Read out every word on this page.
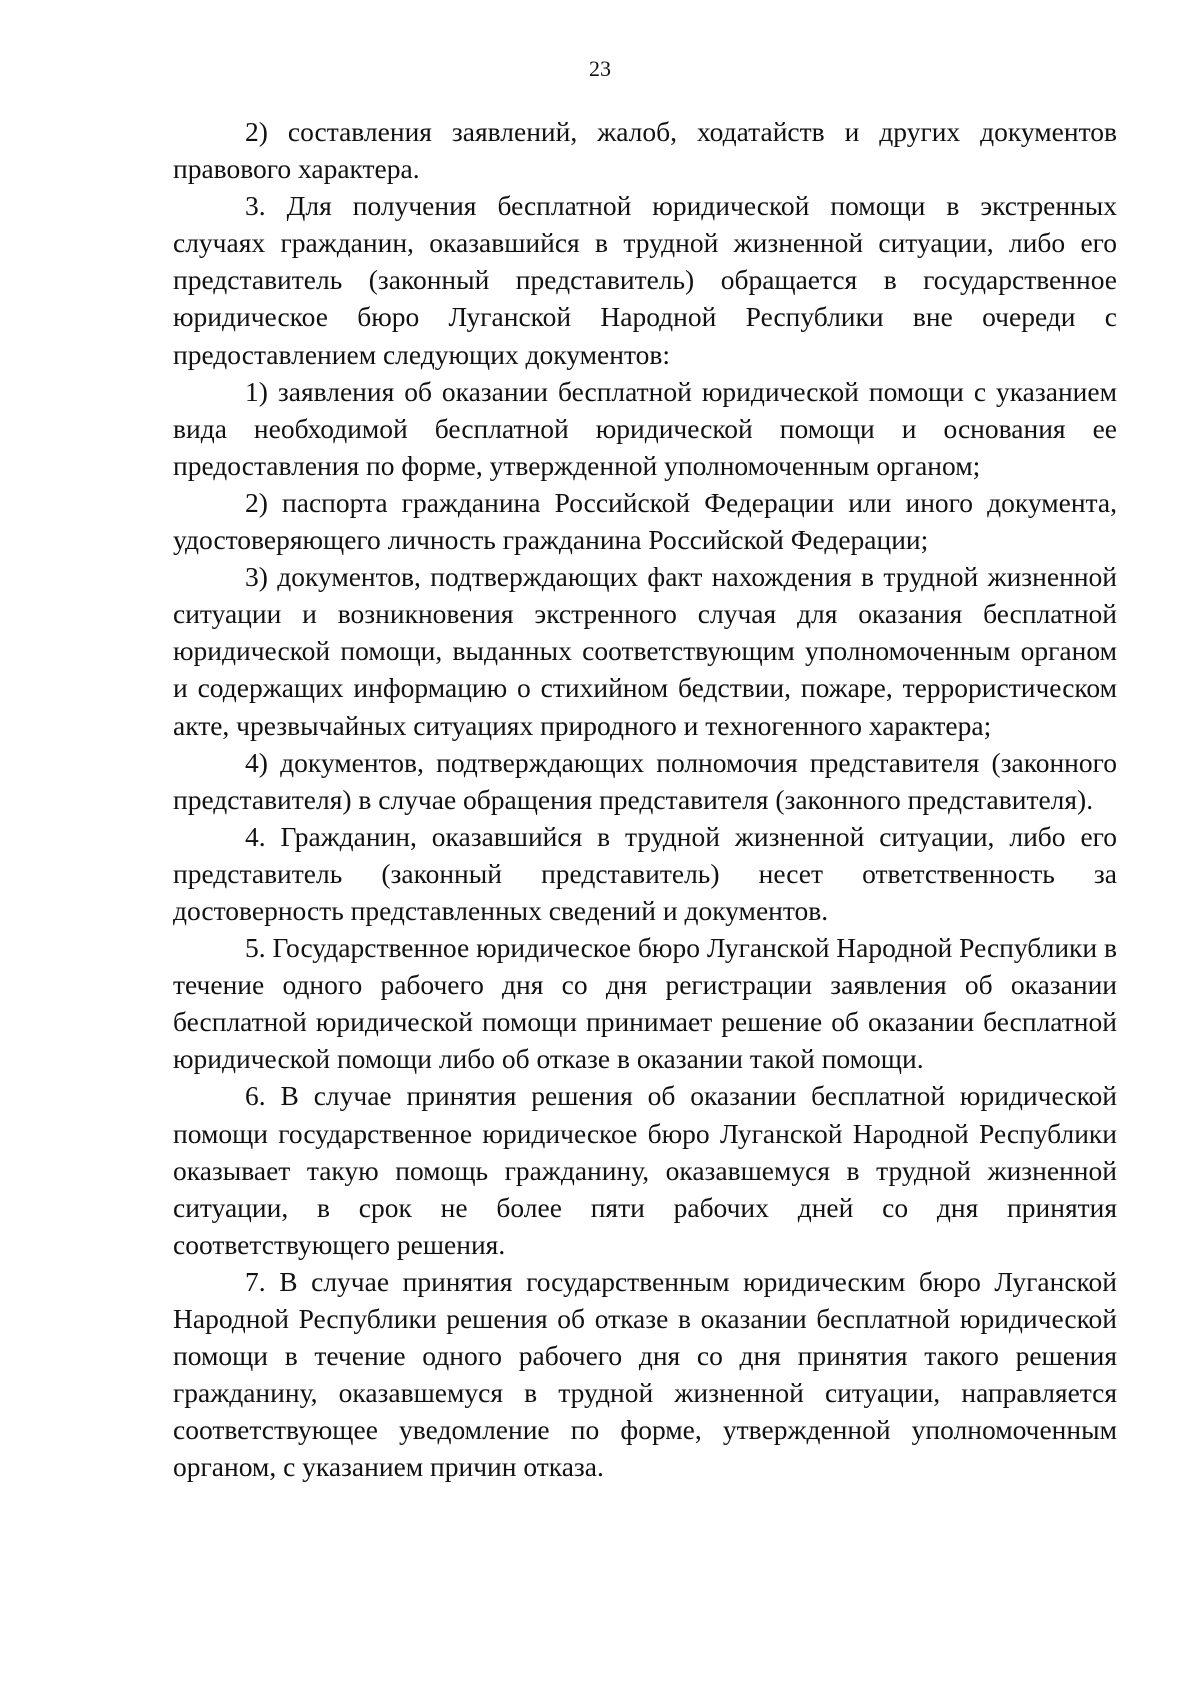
23

2) составления заявлений, жалоб, ходатайств и других документов правового характера.

3. Для получения бесплатной юридической помощи в экстренных случаях гражданин, оказавшийся в трудной жизненной ситуации, либо его представитель (законный представитель) обращается в государственное юридическое бюро Луганской Народной Республики вне очереди с предоставлением следующих документов:

1) заявления об оказании бесплатной юридической помощи с указанием вида необходимой бесплатной юридической помощи и основания ее предоставления по форме, утвержденной уполномоченным органом;

2) паспорта гражданина Российской Федерации или иного документа, удостоверяющего личность гражданина Российской Федерации;

3) документов, подтверждающих факт нахождения в трудной жизненной ситуации и возникновения экстренного случая для оказания бесплатной юридической помощи, выданных соответствующим уполномоченным органом и содержащих информацию о стихийном бедствии, пожаре, террористическом акте, чрезвычайных ситуациях природного и техногенного характера;

4) документов, подтверждающих полномочия представителя (законного представителя) в случае обращения представителя (законного представителя).

4. Гражданин, оказавшийся в трудной жизненной ситуации, либо его представитель (законный представитель) несет ответственность за достоверность представленных сведений и документов.

5. Государственное юридическое бюро Луганской Народной Республики в течение одного рабочего дня со дня регистрации заявления об оказании бесплатной юридической помощи принимает решение об оказании бесплатной юридической помощи либо об отказе в оказании такой помощи.

6. В случае принятия решения об оказании бесплатной юридической помощи государственное юридическое бюро Луганской Народной Республики оказывает такую помощь гражданину, оказавшемуся в трудной жизненной ситуации, в срок не более пяти рабочих дней со дня принятия соответствующего решения.

7. В случае принятия государственным юридическим бюро Луганской Народной Республики решения об отказе в оказании бесплатной юридической помощи в течение одного рабочего дня со дня принятия такого решения гражданину, оказавшемуся в трудной жизненной ситуации, направляется соответствующее уведомление по форме, утвержденной уполномоченным органом, с указанием причин отказа.
